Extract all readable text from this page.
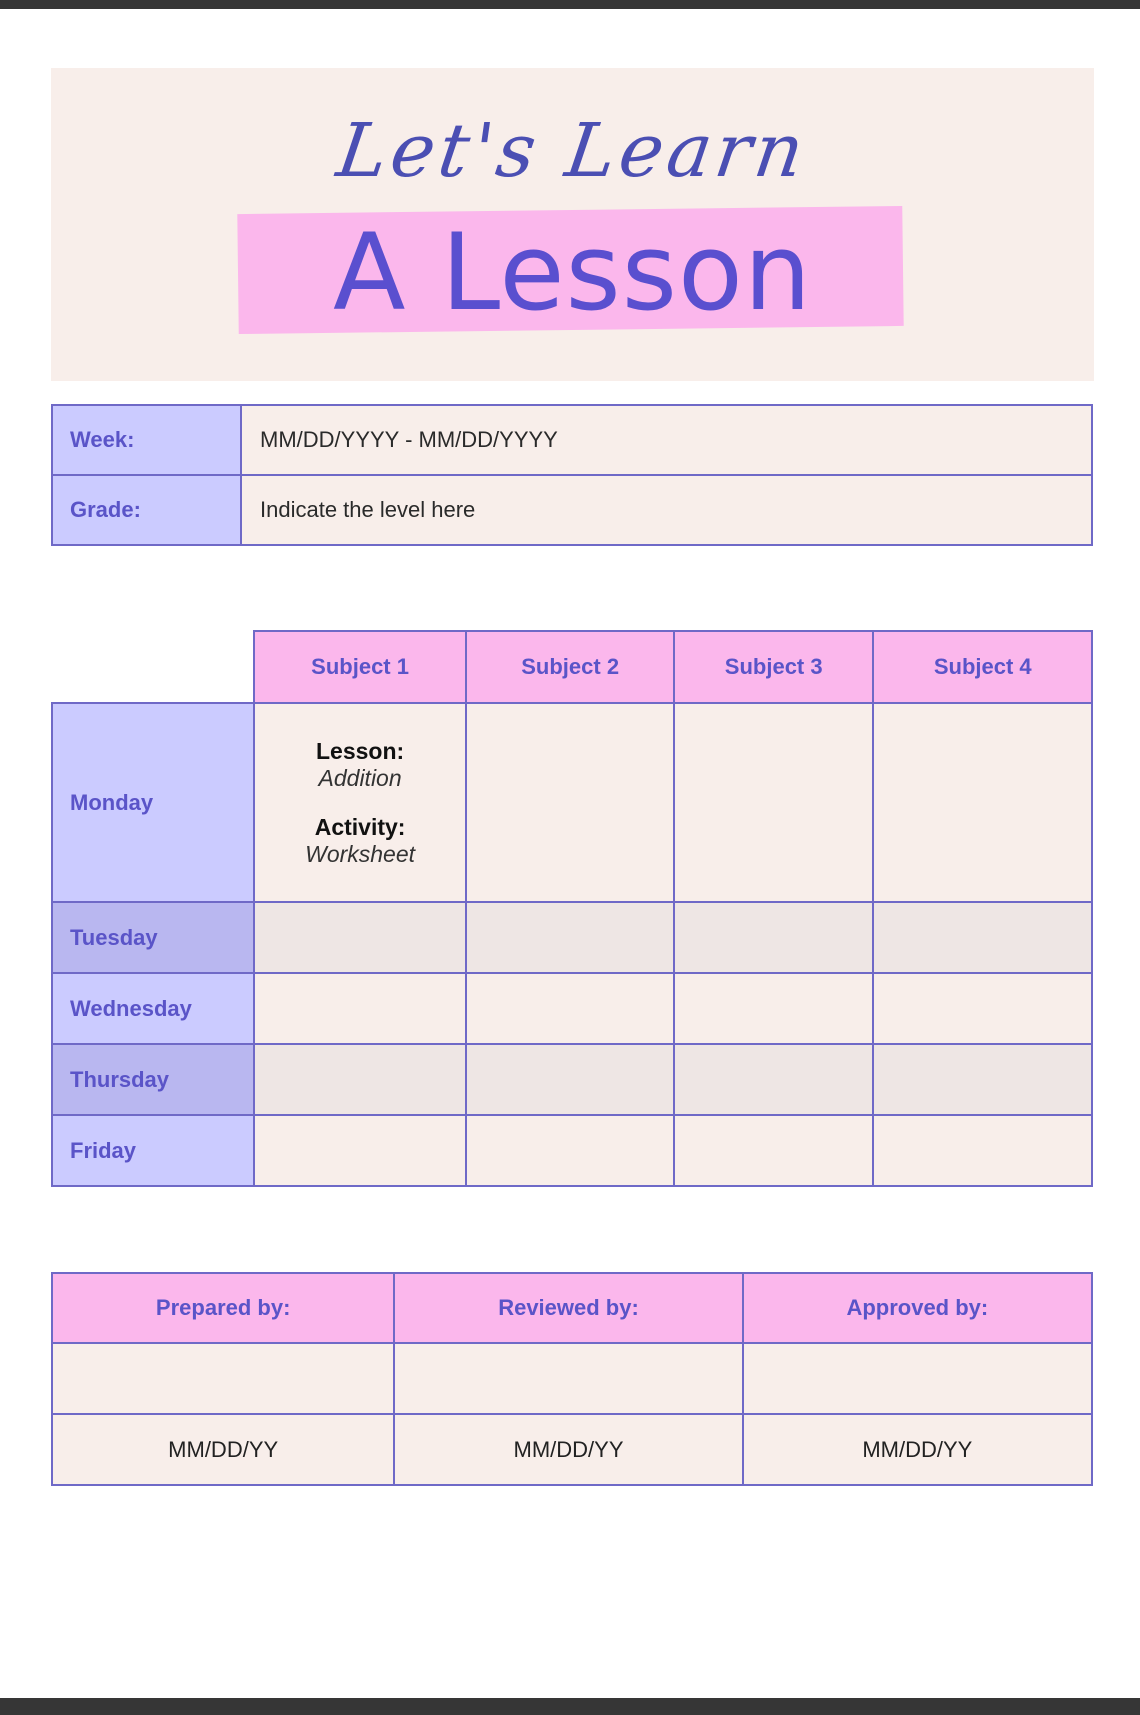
Let's Learn
A Lesson
Week:	MM/DD/YYYY - MM/DD/YYYY
Grade:	Indicate the level here
	Subject 1	Subject 2	Subject 3	Subject 4
Monday	Lesson:
Addition
Activity:
Worksheet			

Tuesday				
Wednesday				
Thursday				
Friday				
Prepared by:	Reviewed by:	Approved by:

MM/DD/YY	MM/DD/YY	MM/DD/YY
